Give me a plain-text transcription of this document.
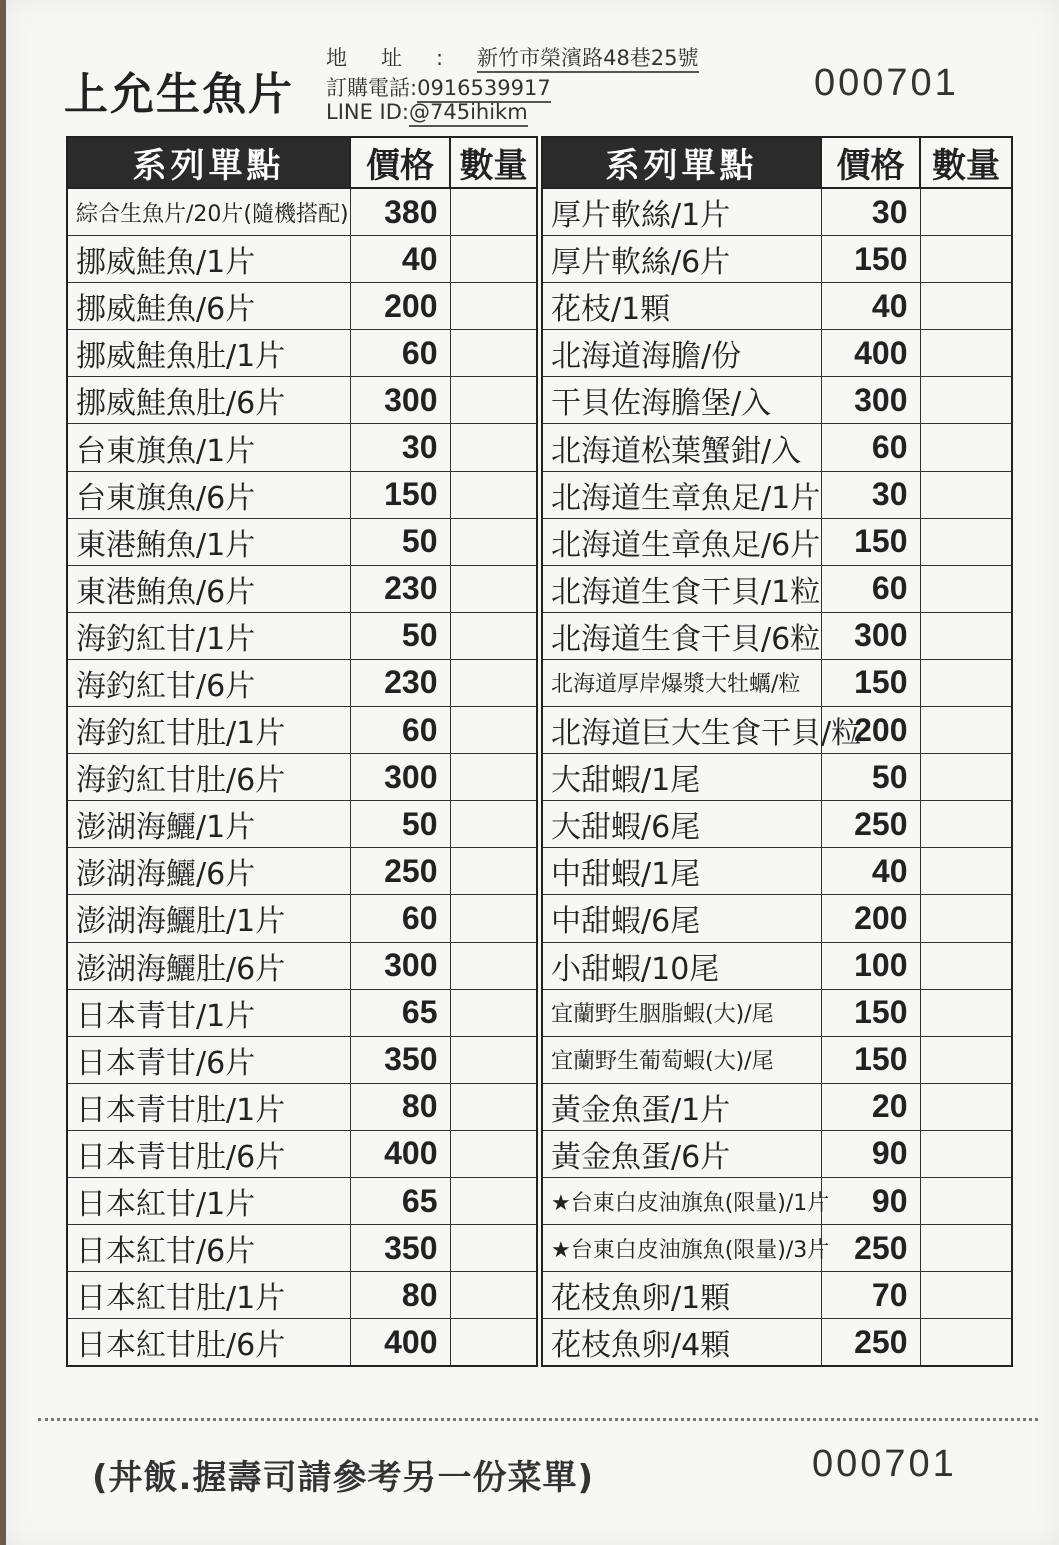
上允生魚片
地址:新竹市榮濱路48巷25號
訂購電話:0916539917
LINE ID:@745ihikm
000701
系列單點	價格	數量
綜合生魚片/20片(隨機搭配)	380	
挪威鮭魚/1片	40	
挪威鮭魚/6片	200	
挪威鮭魚肚/1片	60	
挪威鮭魚肚/6片	300	
台東旗魚/1片	30	
台東旗魚/6片	150	
東港鮪魚/1片	50	
東港鮪魚/6片	230	
海釣紅甘/1片	50	
海釣紅甘/6片	230	
海釣紅甘肚/1片	60	
海釣紅甘肚/6片	300	
澎湖海鱺/1片	50	
澎湖海鱺/6片	250	
澎湖海鱺肚/1片	60	
澎湖海鱺肚/6片	300	
日本青甘/1片	65	
日本青甘/6片	350	
日本青甘肚/1片	80	
日本青甘肚/6片	400	
日本紅甘/1片	65	
日本紅甘/6片	350	
日本紅甘肚/1片	80	
日本紅甘肚/6片	400	
系列單點	價格	數量
厚片軟絲/1片	30	
厚片軟絲/6片	150	
花枝/1顆	40	
北海道海膽/份	400	
干貝佐海膽堡/入	300	
北海道松葉蟹鉗/入	60	
北海道生章魚足/1片	30	
北海道生章魚足/6片	150	
北海道生食干貝/1粒	60	
北海道生食干貝/6粒	300	
北海道厚岸爆漿大牡蠣/粒	150	
北海道巨大生食干貝/粒	200	
大甜蝦/1尾	50	
大甜蝦/6尾	250	
中甜蝦/1尾	40	
中甜蝦/6尾	200	
小甜蝦/10尾	100	
宜蘭野生胭脂蝦(大)/尾	150	
宜蘭野生葡萄蝦(大)/尾	150	
黃金魚蛋/1片	20	
黃金魚蛋/6片	90	
★台東白皮油旗魚(限量)/1片	90	
★台東白皮油旗魚(限量)/3片	250	
花枝魚卵/1顆	70	
花枝魚卵/4顆	250	
(丼飯.握壽司請參考另一份菜單)	000701
